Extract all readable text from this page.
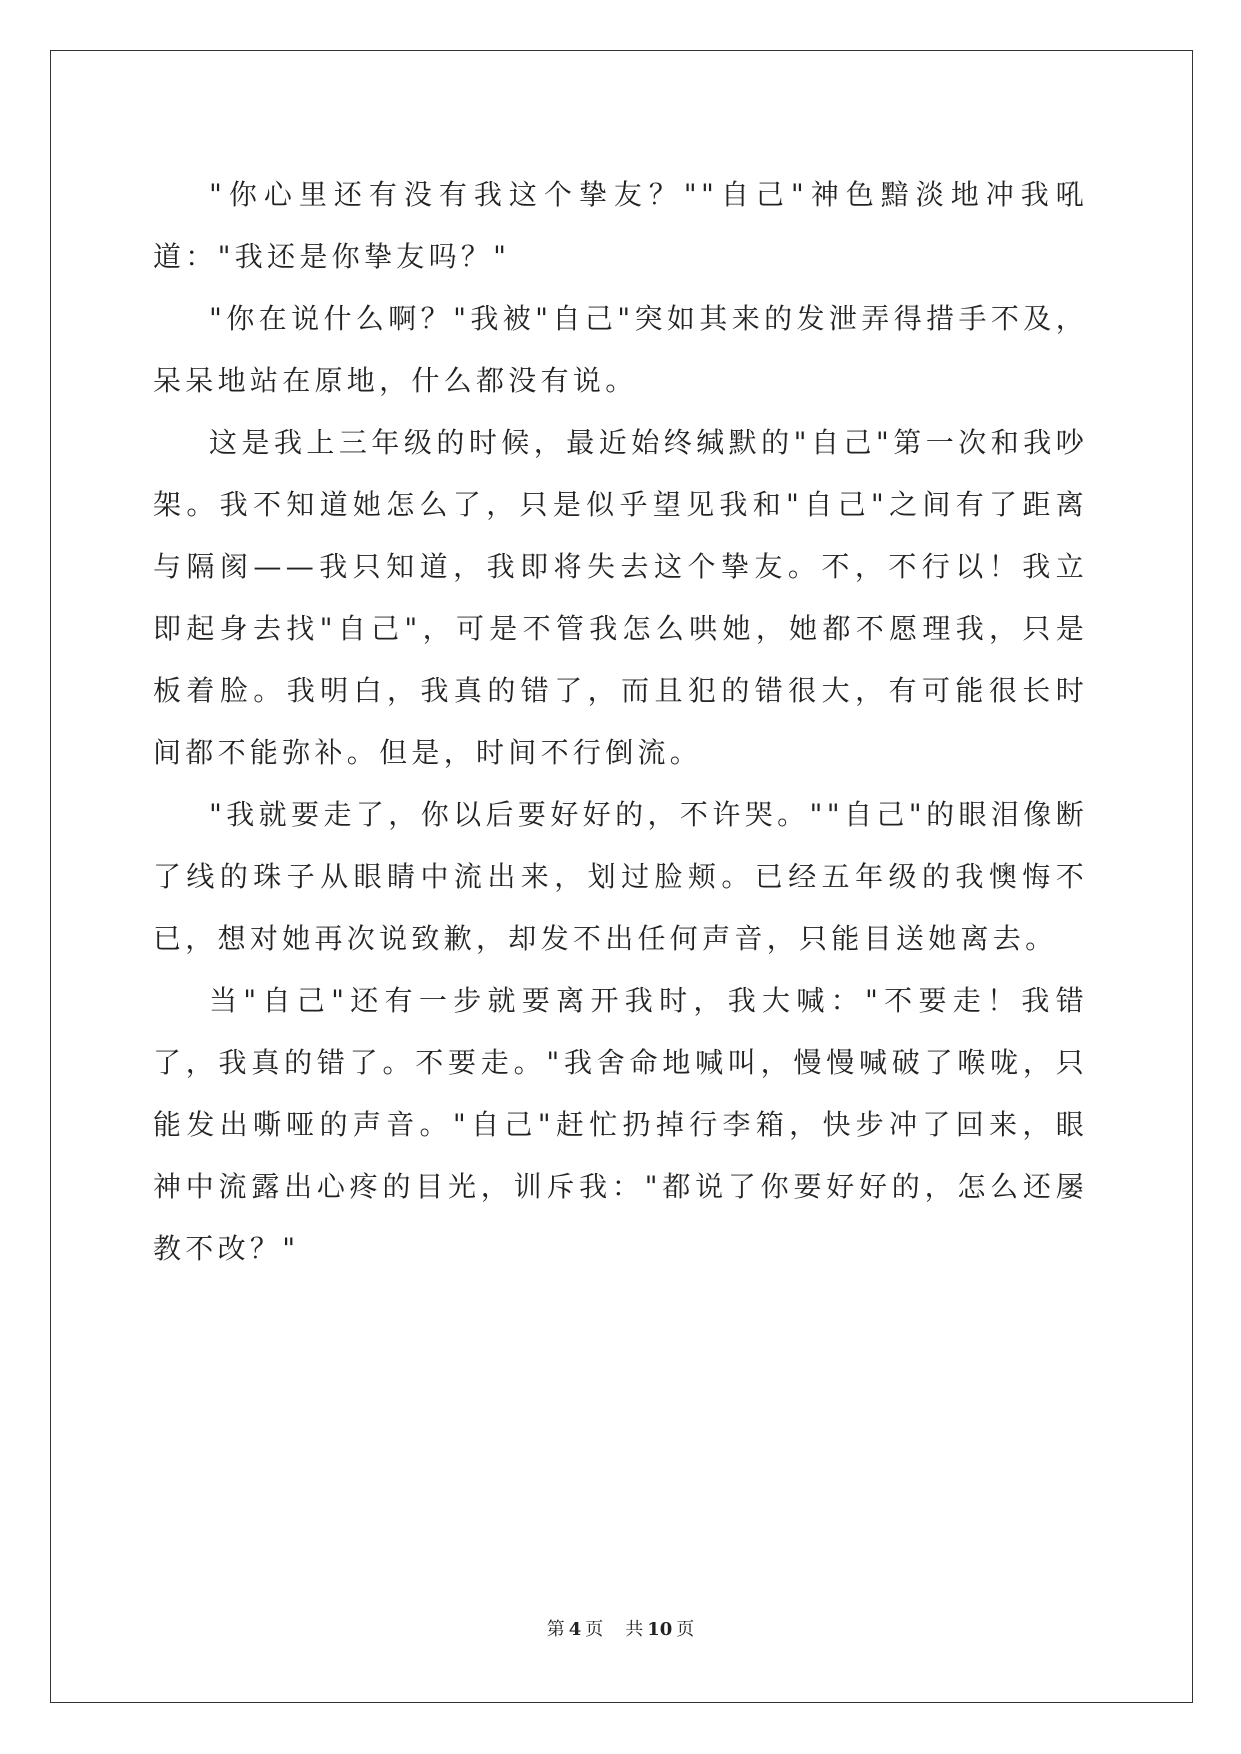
"你心里还有没有我这个挚友？""自己"神色黯淡地冲我吼道："我还是你挚友吗？"

"你在说什么啊？"我被"自己"突如其来的发泄弄得措手不及，呆呆地站在原地，什么都没有说。

这是我上三年级的时候，最近始终缄默的"自己"第一次和我吵架。我不知道她怎么了，只是似乎望见我和"自己"之间有了距离与隔阂——我只知道，我即将失去这个挚友。不，不行以！我立即起身去找"自己"，可是不管我怎么哄她，她都不愿理我，只是板着脸。我明白，我真的错了，而且犯的错很大，有可能很长时间都不能弥补。但是，时间不行倒流。

"我就要走了，你以后要好好的，不许哭。""自己"的眼泪像断了线的珠子从眼睛中流出来，划过脸颊。已经五年级的我懊悔不已，想对她再次说致歉，却发不出任何声音，只能目送她离去。

当"自己"还有一步就要离开我时，我大喊："不要走！我错了，我真的错了。不要走。"我舍命地喊叫，慢慢喊破了喉咙，只能发出嘶哑的声音。"自己"赶忙扔掉行李箱，快步冲了回来，眼神中流露出心疼的目光，训斥我："都说了你要好好的，怎么还屡教不改？"

第 4 页 共 10 页
